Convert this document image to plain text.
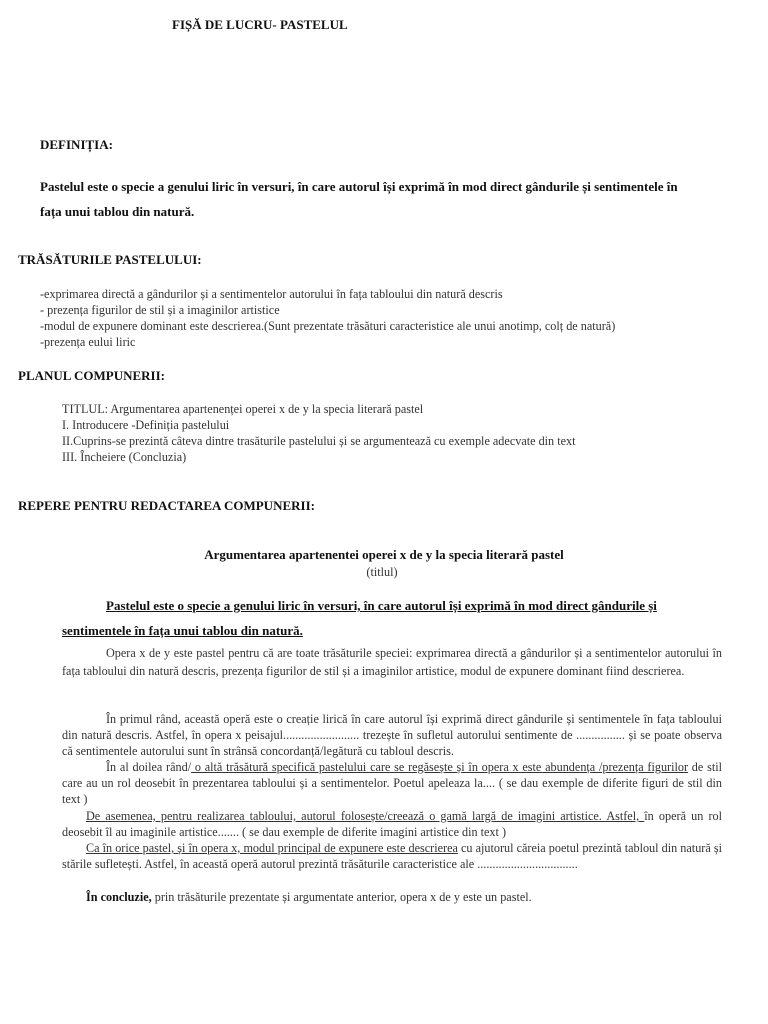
FIȘĂ DE LUCRU- PASTELUL
DEFINIȚIA:
Pastelul este o specie a genului liric în versuri, în care autorul își exprimă în mod direct gândurile și sentimentele în
fața unui tablou din natură.
TRĂSĂTURILE PASTELULUI:
-exprimarea directă a gândurilor și a sentimentelor autorului în fața tabloului din natură descris
- prezența figurilor de stil și a imaginilor artistice
-modul de expunere dominant este descrierea.(Sunt prezentate trăsături caracteristice ale unui anotimp, colț de natură)
-prezența eului liric
PLANUL COMPUNERII:
TITLUL: Argumentarea apartenenței operei x de y la specia literară pastel
I. Introducere -Definiția pastelului
II.Cuprins-se prezintă câteva dintre trasăturile pastelului și se argumentează cu exemple adecvate din text
III. Încheiere (Concluzia)
REPERE PENTRU REDACTAREA COMPUNERII:
Argumentarea apartenentei operei x de y la specia literară pastel
(titlul)
Pastelul este o specie a genului liric în versuri, în care autorul își exprimă în mod direct gândurile și
sentimentele în fața unui tablou din natură.
Opera x de y este pastel pentru că are toate trăsăturile speciei: exprimarea directă a gândurilor și a sentimentelor autorului în fața tabloului din natură descris, prezența figurilor de stil și a imaginilor artistice, modul de expunere dominant fiind descrierea.
În primul rând, această operă este o creație lirică în care autorul își exprimă direct gândurile și sentimentele în fața tabloului din natură descris. Astfel, în opera x peisajul......................... trezește în sufletul autorului sentimente de ................ și se poate observa că sentimentele autorului sunt în strânsă concordanță/legătură cu tabloul descris.
În al doilea rând/ o altă trăsătură specifică pastelului care se regăsește și în opera x este abundența /prezența figurilor de stil care au un rol deosebit în prezentarea tabloului și a sentimentelor. Poetul apeleaza la.... ( se dau exemple de diferite figuri de stil din text )
De asemenea, pentru realizarea tabloului, autorul folosește/creează o gamă largă de imagini artistice. Astfel, în operă un rol deosebit îl au imaginile artistice....... ( se dau exemple de diferite imagini artistice din text )
Ca în orice pastel, și în opera x, modul principal de expunere este descrierea cu ajutorul căreia poetul prezintă tabloul din natură și stările sufletești. Astfel, în această operă autorul prezintă trăsăturile caracteristice ale .................................
În concluzie, prin trăsăturile prezentate și argumentate anterior, opera x de y este un pastel.
